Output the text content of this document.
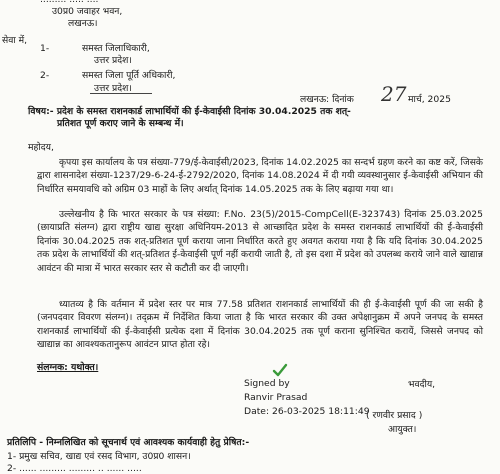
उ0प्र0 जवाहर भवन,
लखनऊ।
सेवा में,
1-	समस्त जिलाधिकारी,
उत्तर प्रदेश।
2-	समस्त जिला पूर्ति अधिकारी,
उत्तर प्रदेश।
लखनऊ: दिनांक 27 मार्च, 2025
विषय:- प्रदेश के समस्त राशनकार्ड लाभार्थियों की ई-केवाईसी दिनांक 30.04.2025 तक शत्-
प्रतिशत पूर्ण कराए जाने के सम्बन्ध में।
महोदय,
कृपया इस कार्यालय के पत्र संख्या-779/ई-केवाईसी/2023, दिनांक 14.02.2025 का सन्दर्भ ग्रहण करने का कष्ट करें, जिसके द्वारा शासनादेश संख्या-1237/29-6-24-ई-2792/2020, दिनांक 14.08.2024 में दी गयी व्यवस्थानुसार ई-केवाईसी अभियान की निर्धारित समयावधि को अग्रिम 03 माहों के लिए अर्थात् दिनांक 14.05.2025 तक के लिए बढ़ाया गया था।
उल्लेखनीय है कि भारत सरकार के पत्र संख्या: F.No. 23(5)/2015-CompCell(E-323743) दिनांक 25.03.2025 (छायाप्रति संलग्न) द्वारा राष्ट्रीय खाद्य सुरक्षा अधिनियम-2013 से आच्छादित प्रदेश के समस्त राशनकार्ड लाभार्थियों की ई-केवाईसी दिनांक 30.04.2025 तक शत्-प्रतिशत पूर्ण कराया जाना निर्धारित करते हुए अवगत कराया गया है कि यदि दिनांक 30.04.2025 तक प्रदेश के लाभार्थियों की शत्-प्रतिशत ई-केवाईसी पूर्ण नहीं करायी जाती है, तो इस दशा में प्रदेश को उपलब्ध कराये जाने वाले खाद्यान्न आवंटन की मात्रा में भारत सरकार स्तर से कटौती कर दी जाएगी।
ध्यातव्य है कि वर्तमान में प्रदेश स्तर पर मात्र 77.58 प्रतिशत राशनकार्ड लाभार्थियों की ही ई-केवाईसी पूर्ण की जा सकी है (जनपदवार विवरण संलग्न)। तद्क्रम में निर्देशित किया जाता है कि भारत सरकार की उक्त अपेक्षानुक्रम में अपने जनपद के समस्त राशनकार्ड लाभार्थियों की ई-केवाईसी प्रत्येक दशा में दिनांक 30.04.2025 तक पूर्ण कराना सुनिश्चित करायें, जिससे जनपद को खाद्यान्न का आवश्यकतानुरूप आवंटन प्राप्त होता रहे।
संलग्नक: यथोक्त।
Signed by
Ranvir Prasad
Date: 26-03-2025 18:11:49
भवदीय,
( रणवीर प्रसाद )
आयुक्त।
प्रतिलिपि - निम्नलिखित को सूचनार्थ एवं आवश्यक कार्यवाही हेतु प्रेषित:-
1- प्रमुख सचिव, खाद्य एवं रसद विभाग, उ0प्र0 शासन।
2- ...... ......... ......... .. ...... .....
